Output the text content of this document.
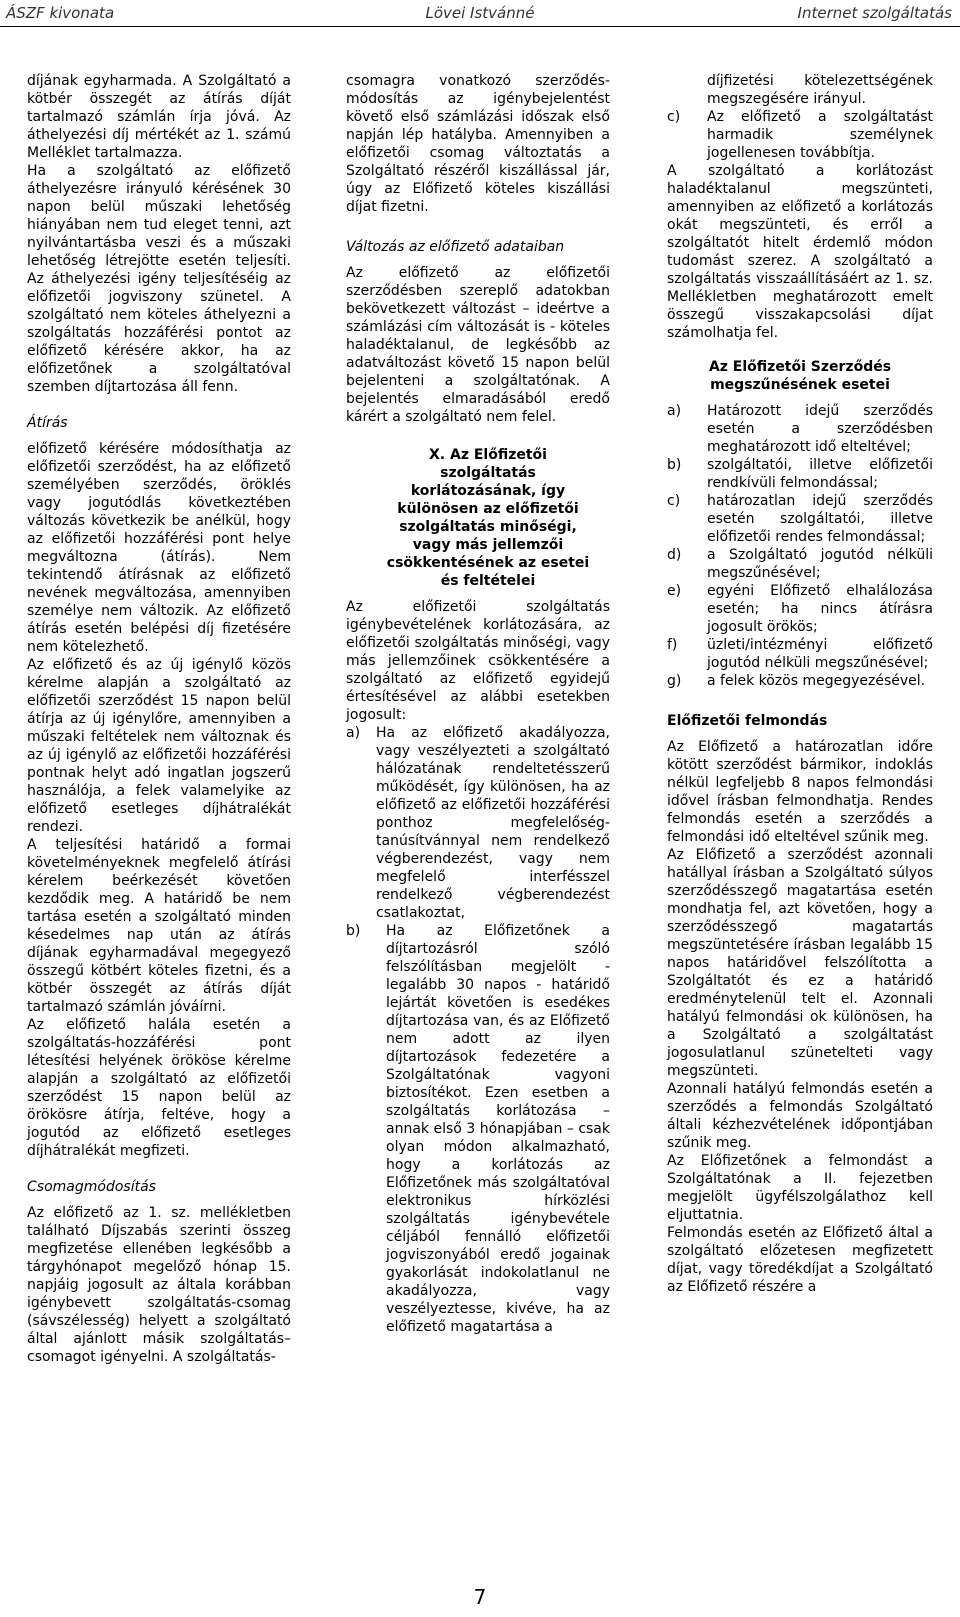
Lövei Istvánné
ÁSZF kivonata	Internet szolgáltatás

díjának egyharmada. A Szolgáltató a kötbér összegét az átírás díját tartalmazó számlán írja jóvá. Az áthelyezési díj mértékét az 1. számú Melléklet tartalmazza.

Ha a szolgáltató az előfizető áthelyezésre irányuló kérésének 30 napon belül műszaki lehetőség hiányában nem tud eleget tenni, azt nyilvántartásba veszi és a műszaki lehetőség létrejötte esetén teljesíti. Az áthelyezési igény teljesítéséig az előfizetői jogviszony szünetel. A szolgáltató nem köteles áthelyezni a szolgáltatás hozzáférési pontot az előfizető kérésére akkor, ha az előfizetőnek a szolgáltatóval szemben díjtartozása áll fenn.

Átírás

előfizető kérésére módosíthatja az előfizetői szerződést, ha az előfizető személyében szerződés, öröklés vagy jogutódlás következtében változás következik be anélkül, hogy az előfizetői hozzáférési pont helye megváltozna (átírás). Nem tekintendő átírásnak az előfizető nevének megváltozása, amennyiben személye nem változik. Az előfizető átírás esetén belépési díj fizetésére nem kötelezhető.

Az előfizető és az új igénylő közös kérelme alapján a szolgáltató az előfizetői szerződést 15 napon belül átírja az új igénylőre, amennyiben a műszaki feltételek nem változnak és az új igénylő az előfizetői hozzáférési pontnak helyt adó ingatlan jogszerű használója, a felek valamelyike az előfizető esetleges díjhátralékát rendezi.

A teljesítési határidő a formai követelményeknek megfelelő átírási kérelem beérkezését követően kezdődik meg. A határidő be nem tartása esetén a szolgáltató minden késedelmes nap után az átírás díjának egyharmadával megegyező összegű kötbért köteles fizetni, és a kötbér összegét az átírás díját tartalmazó számlán jóváírni.

Az előfizető halála esetén a szolgáltatás-hozzáférési pont létesítési helyének örököse kérelme alapján a szolgáltató az előfizetői szerződést 15 napon belül az örökösre átírja, feltéve, hogy a jogutód az előfizető esetleges díjhátralékát megfizeti.

Csomagmódosítás

Az előfizető az 1. sz. mellékletben található Díjszabás szerinti összeg megfizetése ellenében legkésőbb a tárgyhónapot megelőző hónap 15. napjáig jogosult az általa korábban igénybevett szolgáltatás-csomag (sávszélesség) helyett a szolgáltató által ajánlott másik szolgáltatás–csomagot igényelni. A szolgáltatás-

csomagra vonatkozó szerződés-módosítás az igénybejelentést követő első számlázási időszak első napján lép hatályba. Amennyiben a előfizetői csomag változtatás a Szolgáltató részéről kiszállással jár, úgy az Előfizető köteles kiszállási díjat fizetni.

Változás az előfizető adataiban

Az előfizető az előfizetői szerződésben szereplő adatokban bekövetkezett változást – ideértve a számlázási cím változását is - köteles haladéktalanul, de legkésőbb az adatváltozást követő 15 napon belül bejelenteni a szolgáltatónak. A bejelentés elmaradásából eredő kárért a szolgáltató nem felel.

X. Az Előfizetői szolgáltatás korlátozásának, így különösen az előfizetői szolgáltatás minőségi, vagy más jellemzői csökkentésének az esetei és feltételei

Az előfizetői szolgáltatás igénybevételének korlátozására, az előfizetői szolgáltatás minőségi, vagy más jellemzőinek csökkentésére a szolgáltató az előfizető egyidejű értesítésével az alábbi esetekben jogosult:

a)	Ha az előfizető akadályozza, vagy veszélyezteti a szolgáltató hálózatának rendeltetésszerű működését, így különösen, ha az előfizető az előfizetői hozzáférési ponthoz megfelelőség-tanúsítvánnyal nem rendelkező végberendezést, vagy nem megfelelő interfésszel rendelkező végberendezést csatlakoztat,
b)	Ha az Előfizetőnek a díjtartozásról szóló felszólításban megjelölt - legalább 30 napos - határidő lejártát követően is esedékes díjtartozása van, és az Előfizető nem adott az ilyen díjtartozások fedezetére a Szolgáltatónak vagyoni biztosítékot. Ezen esetben a szolgáltatás korlátozása – annak első 3 hónapjában – csak olyan módon alkalmazható, hogy a korlátozás az Előfizetőnek más szolgáltatóval elektronikus hírközlési szolgáltatás igénybevétele céljából fennálló előfizetői jogviszonyából eredő jogainak gyakorlását indokolatlanul ne akadályozza, vagy veszélyeztesse, kivéve, ha az előfizető magatartása a

díjfizetési kötelezettségének megszegésére irányul.

c)	Az előfizető a szolgáltatást harmadik személynek jogellenesen továbbítja.

A szolgáltató a korlátozást haladéktalanul megszünteti, amennyiben az előfizető a korlátozás okát megszünteti, és erről a szolgáltatót hitelt érdemlő módon tudomást szerez. A szolgáltató a szolgáltatás visszaállításáért az 1. sz. Mellékletben meghatározott emelt összegű visszakapcsolási díjat számolhatja fel.

Az Előfizetői Szerződés megszűnésének esetei

a)	Határozott idejű szerződés esetén a szerződésben meghatározott idő elteltével;
b)	szolgáltatói, illetve előfizetői rendkívüli felmondással;
c)	határozatlan idejű szerződés esetén szolgáltatói, illetve előfizetői rendes felmondással;
d)	a Szolgáltató jogutód nélküli megszűnésével;
e)	egyéni Előfizető elhalálozása esetén; ha nincs átírásra jogosult örökös;
f)	üzleti/intézményi előfizető jogutód nélküli megszűnésével;
g)	a felek közös megegyezésével.

Előfizetői felmondás

Az Előfizető a határozatlan időre kötött szerződést bármikor, indoklás nélkül legfeljebb 8 napos felmondási idővel írásban felmondhatja. Rendes felmondás esetén a szerződés a felmondási idő elteltével szűnik meg.

Az Előfizető a szerződést azonnali hatállyal írásban a Szolgáltató súlyos szerződésszegő magatartása esetén mondhatja fel, azt követően, hogy a szerződésszegő magatartás megszüntetésére írásban legalább 15 napos határidővel felszólította a Szolgáltatót és ez a határidő eredménytelenül telt el. Azonnali hatályú felmondási ok különösen, ha a Szolgáltató a szolgáltatást jogosulatlanul szünetelteti vagy megszünteti.

Azonnali hatályú felmondás esetén a szerződés a felmondás Szolgáltató általi kézhezvételének időpontjában szűnik meg.

Az Előfizetőnek a felmondást a Szolgáltatónak a II. fejezetben megjelölt ügyfélszolgálathoz kell eljuttatnia.

Felmondás esetén az Előfizető által a szolgáltató előzetesen megfizetett díjat, vagy töredékdíjat a Szolgáltató az Előfizető részére a

7
